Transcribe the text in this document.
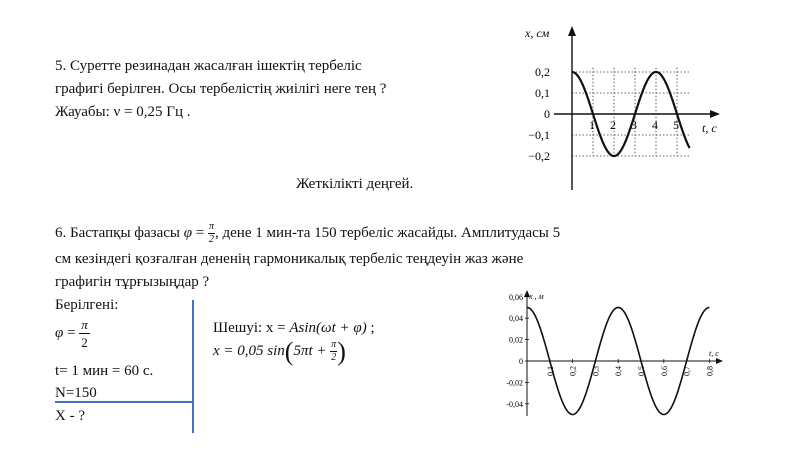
5. Суретте резинадан жасалған ішектің тербеліс
графигі берілген. Осы тербелістің жиілігі неге тең ?
Жауабы: ν = 0,25 Гц .
0,2
0,1
0
−0,1
−0,2
1 2 3 4 5
x, см
t, c
Жеткілікті деңгей.
6. Бастапқы фазасы $\varphi = \frac{\pi}{2}$ , дене 1 мин-та 150 тербеліс жасайды. Амплитудасы 5
см кезіндегі қозғалған дененің гармоникалық тербеліс теңдеуін жаз және
графигін тұрғызыңдар ?
Берілгені:
$\varphi = \frac{\pi}{2}$
t= 1 мин = 60 с.
N=150
X - ?
Шешуі: x = Asin(ωt + φ) ;
x = 0,05 $\sin(5\pi t + \frac{\pi}{2}$ )
0,06
0,04
0,02
0
-0,02
-0,04
0,1 0,2 0,3 0,4 0,5 0,6 0,7 0,8
x , м
t, c
